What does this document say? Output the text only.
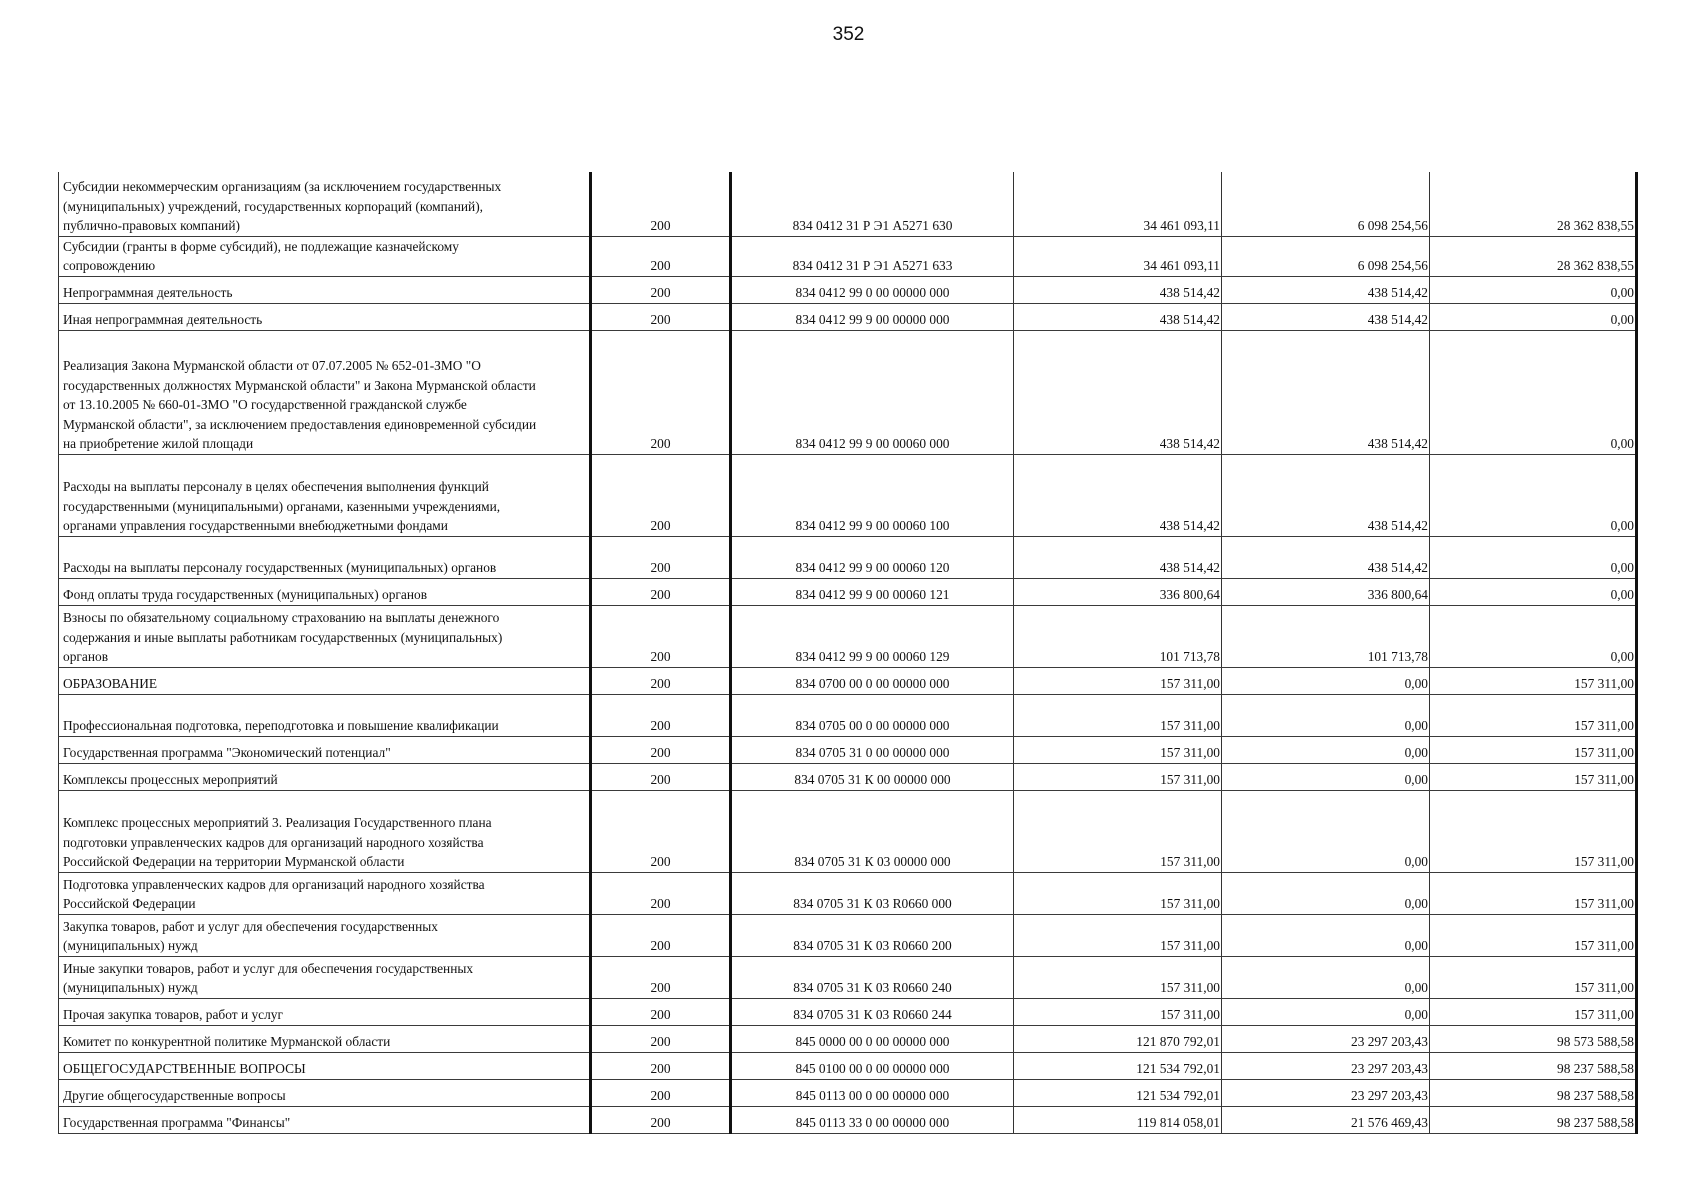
352
Субсидии некоммерческим организациям (за исключением государственных
(муниципальных) учреждений, государственных корпораций (компаний),
публично-правовых компаний)	200	834 0412 31 Р Э1 А5271 630	34 461 093,11	6 098 254,56	28 362 838,55
Субсидии (гранты в форме субсидий), не подлежащие казначейскому
сопровождению	200	834 0412 31 Р Э1 А5271 633	34 461 093,11	6 098 254,56	28 362 838,55
Непрограммная деятельность	200	834 0412 99 0 00 00000 000	438 514,42	438 514,42	0,00
Иная непрограммная деятельность	200	834 0412 99 9 00 00000 000	438 514,42	438 514,42	0,00
Реализация Закона Мурманской области от 07.07.2005 № 652-01-ЗМО "О
государственных должностях Мурманской области" и Закона Мурманской области
от 13.10.2005 № 660-01-ЗМО "О государственной гражданской службе
Мурманской области", за исключением предоставления единовременной субсидии
на приобретение жилой площади	200	834 0412 99 9 00 00060 000	438 514,42	438 514,42	0,00
Расходы на выплаты персоналу в целях обеспечения выполнения функций
государственными (муниципальными) органами, казенными учреждениями,
органами управления государственными внебюджетными фондами	200	834 0412 99 9 00 00060 100	438 514,42	438 514,42	0,00
Расходы на выплаты персоналу государственных (муниципальных) органов	200	834 0412 99 9 00 00060 120	438 514,42	438 514,42	0,00
Фонд оплаты труда государственных (муниципальных) органов	200	834 0412 99 9 00 00060 121	336 800,64	336 800,64	0,00
Взносы по обязательному социальному страхованию на выплаты денежного
содержания и иные выплаты работникам государственных (муниципальных)
органов	200	834 0412 99 9 00 00060 129	101 713,78	101 713,78	0,00
ОБРАЗОВАНИЕ	200	834 0700 00 0 00 00000 000	157 311,00	0,00	157 311,00
Профессиональная подготовка, переподготовка и повышение квалификации	200	834 0705 00 0 00 00000 000	157 311,00	0,00	157 311,00
Государственная программа "Экономический потенциал"	200	834 0705 31 0 00 00000 000	157 311,00	0,00	157 311,00
Комплексы процессных мероприятий	200	834 0705 31 К 00 00000 000	157 311,00	0,00	157 311,00
Комплекс процессных мероприятий 3. Реализация Государственного плана
подготовки управленческих кадров для организаций народного хозяйства
Российской Федерации на территории Мурманской области	200	834 0705 31 К 03 00000 000	157 311,00	0,00	157 311,00
Подготовка управленческих кадров для организаций народного хозяйства
Российской Федерации	200	834 0705 31 К 03 R0660 000	157 311,00	0,00	157 311,00
Закупка товаров, работ и услуг для обеспечения государственных
(муниципальных) нужд	200	834 0705 31 К 03 R0660 200	157 311,00	0,00	157 311,00
Иные закупки товаров, работ и услуг для обеспечения государственных
(муниципальных) нужд	200	834 0705 31 К 03 R0660 240	157 311,00	0,00	157 311,00
Прочая закупка товаров, работ и услуг	200	834 0705 31 К 03 R0660 244	157 311,00	0,00	157 311,00
Комитет по конкурентной политике Мурманской области	200	845 0000 00 0 00 00000 000	121 870 792,01	23 297 203,43	98 573 588,58
ОБЩЕГОСУДАРСТВЕННЫЕ ВОПРОСЫ	200	845 0100 00 0 00 00000 000	121 534 792,01	23 297 203,43	98 237 588,58
Другие общегосударственные вопросы	200	845 0113 00 0 00 00000 000	121 534 792,01	23 297 203,43	98 237 588,58
Государственная программа "Финансы"	200	845 0113 33 0 00 00000 000	119 814 058,01	21 576 469,43	98 237 588,58
